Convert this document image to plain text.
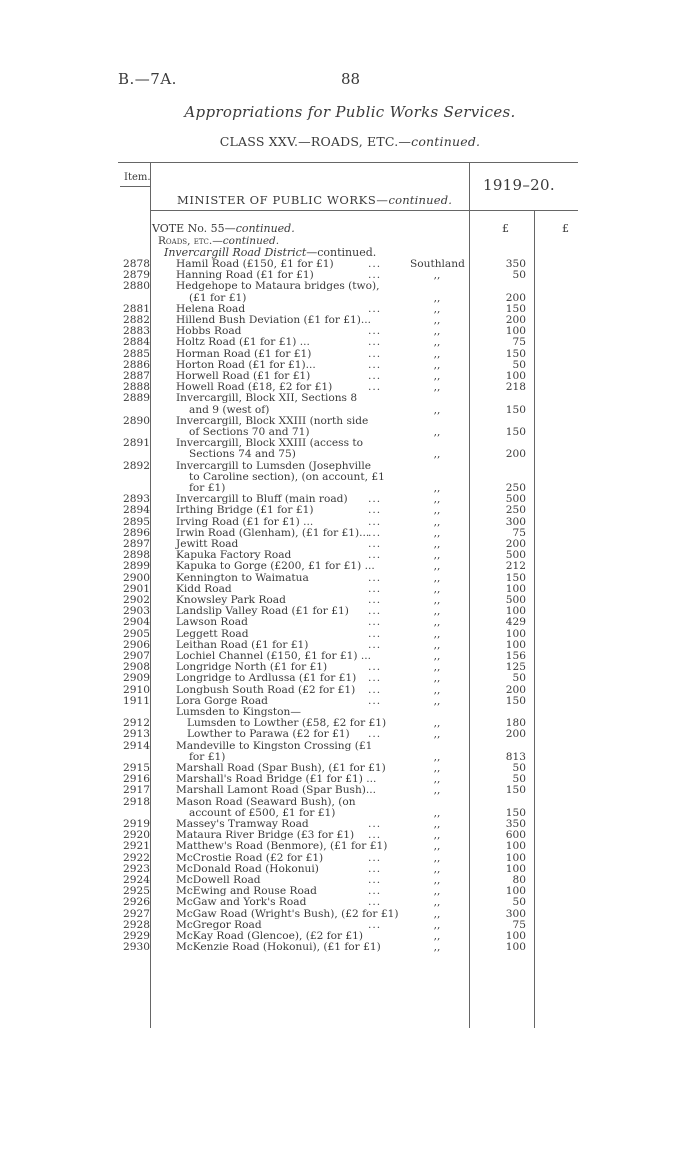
B.—7A.	88
Appropriations for Public Works Services.
CLASS XXV.—ROADS, ETC.—continued.
Item.	1919–20.
MINISTER OF PUBLIC WORKS—continued.
£	£
VOTE No. 55—continued.
Roads, etc.—continued.
Invercargill Road District—continued.
2878 Hamil Road (£150, £1 for £1)	...	Southland	350
2879 Hanning Road (£1 for £1)	...	,,	50
2880 Hedgehope to Mataura bridges (two),
(£1 for £1)	,,	200
2881 Helena Road	...	,,	150
2882 Hillend Bush Deviation (£1 for £1)...	,,	200
2883 Hobbs Road	...	,,	100
2884 Holtz Road (£1 for £1) ...	...	,,	75
2885 Horman Road (£1 for £1)	...	,,	150
2886 Horton Road (£1 for £1)...	...	,,	50
2887 Horwell Road (£1 for £1)	...	,,	100
2888 Howell Road (£18, £2 for £1)	...	,,	218
2889 Invercargill, Block XII, Sections 8
and 9 (west of)	,,	150
2890 Invercargill, Block XXIII (north side
of Sections 70 and 71)	,,	150
2891 Invercargill, Block XXIII (access to
Sections 74 and 75)	,,	200
2892 Invercargill to Lumsden (Josephville
to Caroline section), (on account, £1
for £1)	,,	250
2893 Invercargill to Bluff (main road) ...	,,	500
2894 Irthing Bridge (£1 for £1)	...	,,	250
2895 Irving Road (£1 for £1) ...	...	,,	300
2896 Irwin Road (Glenham), (£1 for £1)...
...	,,	75
2897 Jewitt Road	...	,,	200
2898 Kapuka Factory Road	...	,,	500
2899 Kapuka to Gorge (£200, £1 for £1) ...	,,	212
2900 Kennington to Waimatua	...	,,	150
2901 Kidd Road	...	,,	100
2902 Knowsley Park Road	...	,,	500
2903 Landslip Valley Road (£1 for £1) ...	,,	100
2904 Lawson Road	...	,,	429
2905 Leggett Road	...	,,	100
2906 Leithan Road (£1 for £1)	...	,,	100
2907 Lochiel Channel (£150, £1 for £1) ...	,,	156
2908 Longridge North (£1 for £1)	...	,,	125
2909 Longridge to Ardlussa (£1 for £1) ...	,,	50
2910 Longbush South Road (£2 for £1) ...	,,	200
1911 Lora Gorge Road	...	,,	150
Lumsden to Kingston—
2912	Lumsden to Lowther (£58, £2 for £1)	,,	180
2913	Lowther to Parawa (£2 for £1) ...	,,	200
2914 Mandeville to Kingston Crossing (£1
for £1)	,,	813
2915 Marshall Road (Spar Bush), (£1 for £1)	,,	50
2916 Marshall's Road Bridge (£1 for £1) ...	,,	50
2917 Marshall Lamont Road (Spar Bush)...	,,	150
2918 Mason Road (Seaward Bush), (on
account of £500, £1 for £1)	,,	150
2919 Massey's Tramway Road	...	,,	350
2920 Mataura River Bridge (£3 for £1) ...	,,	600
2921 Matthew's Road (Benmore), (£1 for £1)	,,	100
2922 McCrostie Road (£2 for £1)	...	,,	100
2923 McDonald Road (Hokonui)	...	,,	100
2924 McDowell Road	...	,,	80
2925 McEwing and Rouse Road	...	,,	100
2926 McGaw and York's Road	...	,,	50
2927 McGaw Road (Wright's Bush), (£2 for £1)	,,	300
2928 McGregor Road	...	,,	75
2929 McKay Road (Glencoe), (£2 for £1)	,,	100
2930 McKenzie Road (Hokonui), (£1 for £1)	,,	100
